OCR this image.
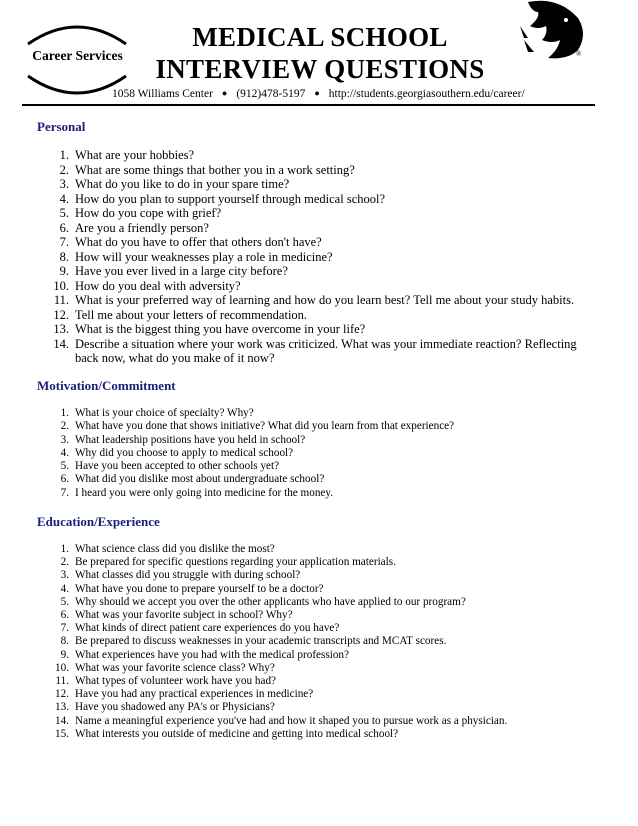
Career Services
MEDICAL SCHOOL
INTERVIEW QUESTIONS	®
1058 Williams Center ● (912)478-5197 ● http://students.georgiasouthern.edu/career/
Personal
1. What are your hobbies?
2. What are some things that bother you in a work setting?
3. What do you like to do in your spare time?
4. How do you plan to support yourself through medical school?
5. How do you cope with grief?
6. Are you a friendly person?
7. What do you have to offer that others don't have?
8. How will your weaknesses play a role in medicine?
9. Have you ever lived in a large city before?
10. How do you deal with adversity?
11. What is your preferred way of learning and how do you learn best? Tell me about your study habits.
12. Tell me about your letters of recommendation.
13. What is the biggest thing you have overcome in your life?
14. Describe a situation where your work was criticized. What was your immediate reaction? Reflecting back now, what do you make of it now?
Motivation/Commitment
1. What is your choice of specialty? Why?
2. What have you done that shows initiative? What did you learn from that experience?
3. What leadership positions have you held in school?
4. Why did you choose to apply to medical school?
5. Have you been accepted to other schools yet?
6. What did you dislike most about undergraduate school?
7. I heard you were only going into medicine for the money.
Education/Experience
1. What science class did you dislike the most?
2. Be prepared for specific questions regarding your application materials.
3. What classes did you struggle with during school?
4. What have you done to prepare yourself to be a doctor?
5. Why should we accept you over the other applicants who have applied to our program?
6. What was your favorite subject in school? Why?
7. What kinds of direct patient care experiences do you have?
8. Be prepared to discuss weaknesses in your academic transcripts and MCAT scores.
9. What experiences have you had with the medical profession?
10. What was your favorite science class? Why?
11. What types of volunteer work have you had?
12. Have you had any practical experiences in medicine?
13. Have you shadowed any PA's or Physicians?
14. Name a meaningful experience you've had and how it shaped you to pursue work as a physician.
15. What interests you outside of medicine and getting into medical school?
